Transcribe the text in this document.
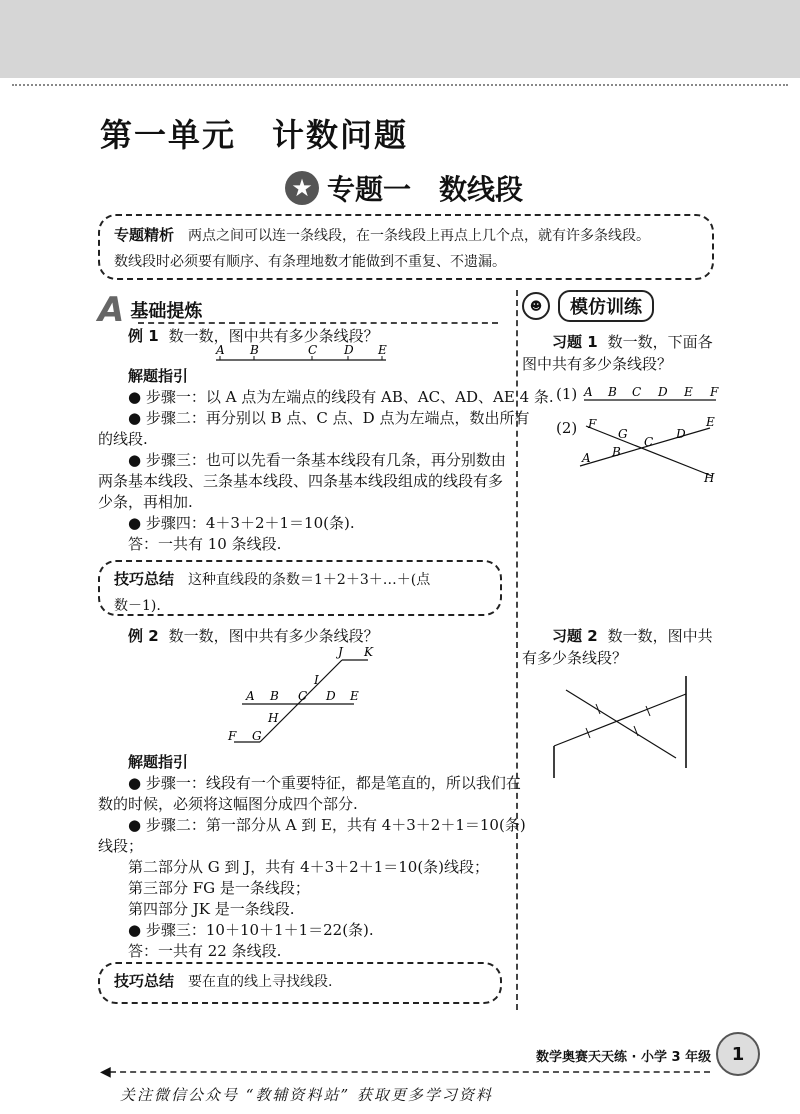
第一单元 计数问题
★ 专题一 数线段
专题精析 两点之间可以连一条线段，在一条线段上再点上几个点，就有许多条线段。
数线段时必须要有顺序、有条理地数才能做到不重复、不遗漏。
A 基础提炼	☻	模仿训练
例 1 数一数，图中共有多少条线段？
A B	C D E
解题指引
● 步骤一：以 A 点为左端点的线段有 AB、AC、AD、AE 4 条.
● 步骤二：再分别以 B 点、C 点、D 点为左端点，数出所有
的线段.
● 步骤三：也可以先看一条基本线段有几条，再分别数由
两条基本线段、三条基本线段、四条基本线段组成的线段有多
少条，再相加.
● 步骤四：4＋3＋2＋1＝10(条).
答：一共有 10 条线段.
技巧总结 这种直线段的条数＝1＋2＋3＋…＋(点
数－1).
例 2 数一数，图中共有多少条线段？
A B C D E
J K
I
H
F G
解题指引
● 步骤一：线段有一个重要特征，都是笔直的，所以我们在
数的时候，必须将这幅图分成四个部分.
● 步骤二：第一部分从 A 到 E，共有 4＋3＋2＋1＝10(条)
线段；
第二部分从 G 到 J，共有 4＋3＋2＋1＝10(条)线段；
第三部分 FG 是一条线段；
第四部分 JK 是一条线段.
● 步骤三：10＋10＋1＋1＝22(条).
答：一共有 22 条线段.
技巧总结 要在直的线上寻找线段.
习题 1 数一数，下面各
图中共有多少条线段？
(1) A B C D E F
(2) F
G
C
D
E
A B
H
习题 2 数一数，图中共
有多少条线段？
数学奥赛天天练 · 小学 3 年级	1
◀
关注微信公众号 “教辅资料站” 获取更多学习资料
